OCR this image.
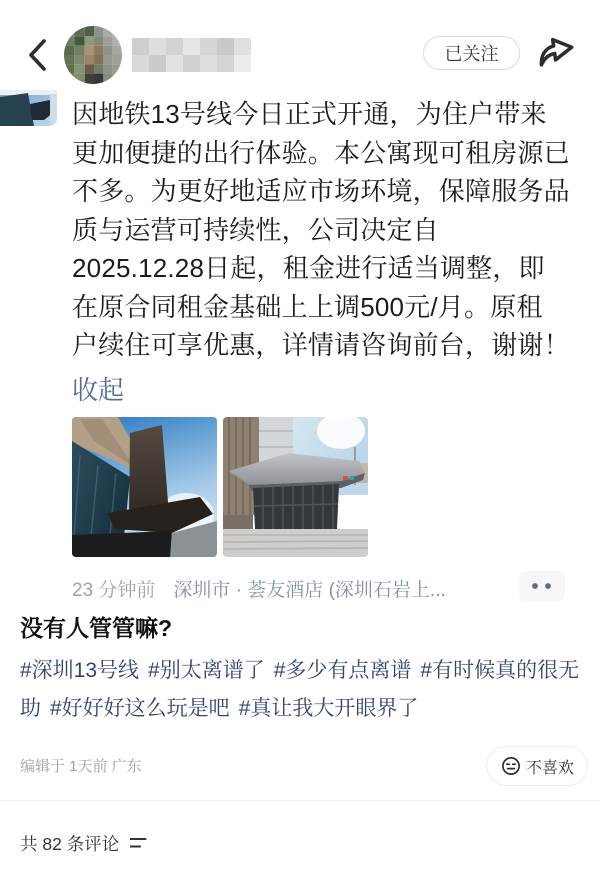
已关注
因地铁13号线今日正式开通，为住户带来
更加便捷的出行体验。本公寓现可租房源已
不多。为更好地适应市场环境，保障服务品
质与运营可持续性，公司决定自
2025.12.28日起，租金进行适当调整，即
在原合同租金基础上上调500元/月。原租
户续住可享优惠，详情请咨询前台，谢谢！
收起
23 分钟前 深圳市 · 荟友酒店 (深圳石岩上...
没有人管管嘛?

#深圳13号线 #别太离谱了 #多少有点离谱 #有时候真的很无助 #好好好这么玩是吧 #真让我大开眼界了

编辑于 1天前 广东	不喜欢
共 82 条评论
